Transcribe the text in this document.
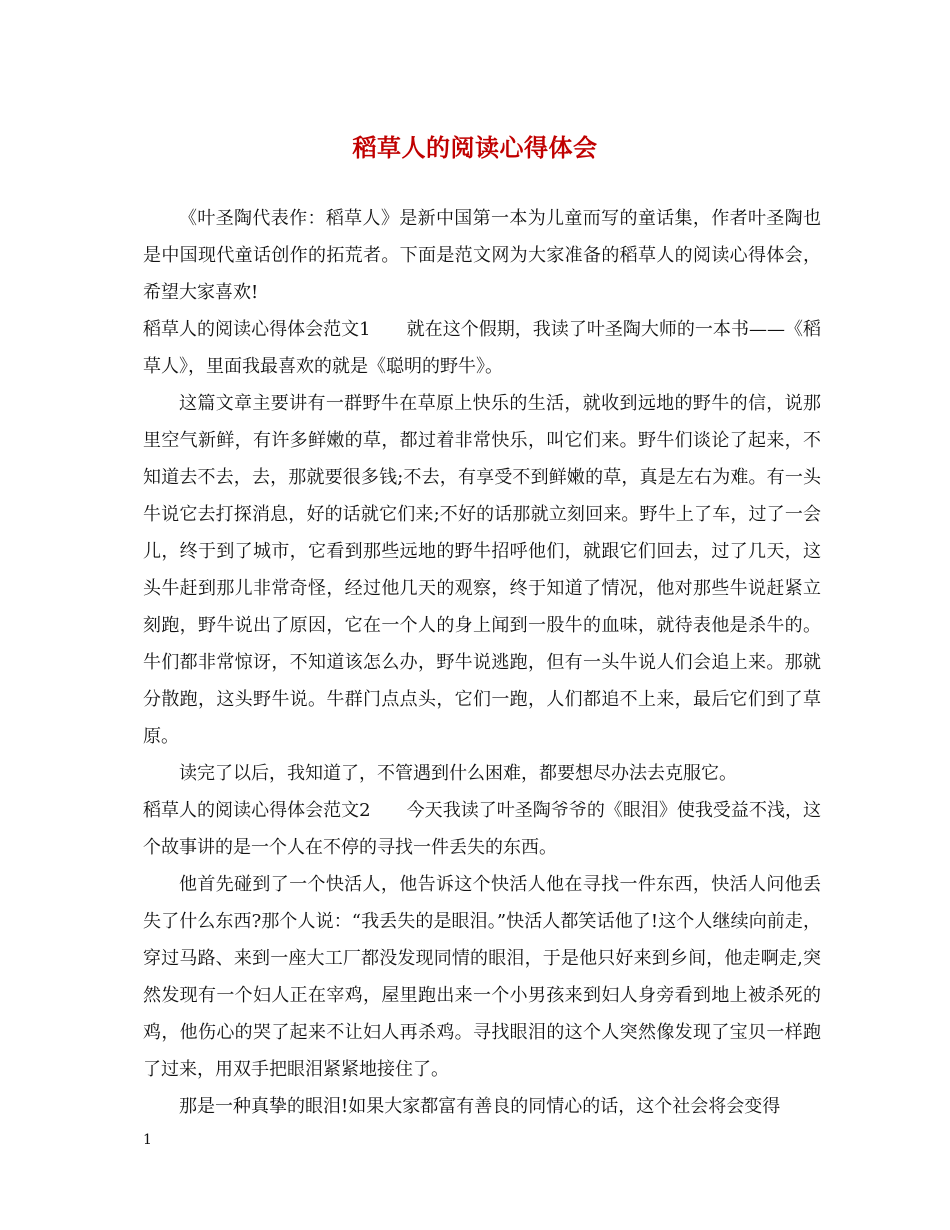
稻草人的阅读心得体会

《叶圣陶代表作：稻草人》是新中国第一本为儿童而写的童话集，作者叶圣陶也是中国现代童话创作的拓荒者。下面是范文网为大家准备的稻草人的阅读心得体会，希望大家喜欢!

稻草人的阅读心得体会范文1　　就在这个假期，我读了叶圣陶大师的一本书——《稻草人》，里面我最喜欢的就是《聪明的野牛》。

这篇文章主要讲有一群野牛在草原上快乐的生活，就收到远地的野牛的信，说那里空气新鲜，有许多鲜嫩的草，都过着非常快乐，叫它们来。野牛们谈论了起来，不知道去不去，去，那就要很多钱;不去，有享受不到鲜嫩的草，真是左右为难。有一头牛说它去打探消息，好的话就它们来;不好的话那就立刻回来。野牛上了车，过了一会儿，终于到了城市，它看到那些远地的野牛招呼他们，就跟它们回去，过了几天，这头牛赶到那儿非常奇怪，经过他几天的观察，终于知道了情况，他对那些牛说赶紧立刻跑，野牛说出了原因，它在一个人的身上闻到一股牛的血味，就待表他是杀牛的。牛们都非常惊讶，不知道该怎么办，野牛说逃跑，但有一头牛说人们会追上来。那就分散跑，这头野牛说。牛群门点点头，它们一跑，人们都追不上来，最后它们到了草原。

读完了以后，我知道了，不管遇到什么困难，都要想尽办法去克服它。

稻草人的阅读心得体会范文2　　今天我读了叶圣陶爷爷的《眼泪》使我受益不浅，这个故事讲的是一个人在不停的寻找一件丢失的东西。

他首先碰到了一个快活人，他告诉这个快活人他在寻找一件东西，快活人问他丢失了什么东西?那个人说：“我丢失的是眼泪。”快活人都笑话他了!这个人继续向前走，穿过马路、来到一座大工厂都没发现同情的眼泪，于是他只好来到乡间，他走啊走,突然发现有一个妇人正在宰鸡，屋里跑出来一个小男孩来到妇人身旁看到地上被杀死的鸡，他伤心的哭了起来不让妇人再杀鸡。寻找眼泪的这个人突然像发现了宝贝一样跑了过来，用双手把眼泪紧紧地接住了。

那是一种真挚的眼泪!如果大家都富有善良的同情心的话，这个社会将会变得

1
